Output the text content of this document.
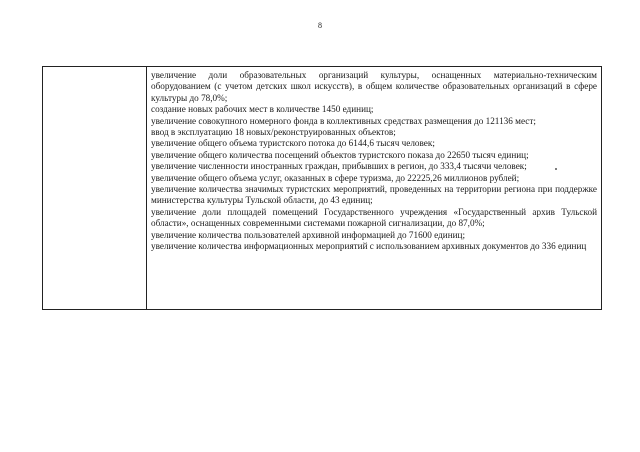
8

увеличение доли образовательных организаций культуры, оснащенных материально-техническим оборудованием (с учетом детских школ искусств), в общем количестве образовательных организаций в сфере культуры до 78,0%;

создание новых рабочих мест в количестве 1450 единиц;

увеличение совокупного номерного фонда в коллективных средствах размещения до 121136 мест;

ввод в эксплуатацию 18 новых/реконструированных объектов;

увеличение общего объема туристского потока до 6144,6 тысяч человек;

увеличение общего количества посещений объектов туристского показа до 22650 тысяч единиц;

увеличение численности иностранных граждан, прибывших в регион, до 333,4 тысячи человек;

увеличение общего объема услуг, оказанных в сфере туризма, до 22225,26 миллионов рублей;

увеличение количества значимых туристских мероприятий, проведенных на территории региона при поддержке министерства культуры Тульской области, до 43 единиц;

увеличение доли площадей помещений Государственного учреждения «Государственный архив Тульской области», оснащенных современными системами пожарной сигнализации, до 87,0%;

увеличение количества пользователей архивной информацией до 71600 единиц;

увеличение количества информационных мероприятий с использованием архивных документов до 336 единиц
